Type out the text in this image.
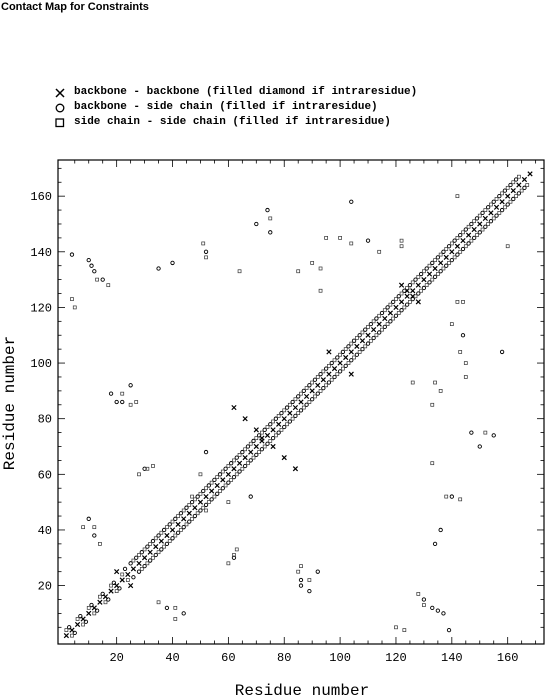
Contact Map for Constraints
backbone - backbone (filled diamond if intraresidue)
backbone - side chain (filled if intraresidue)
side chain - side chain (filled if intraresidue)
20	40	60	80	100	120	140	160
20
40
60
80
100
120
140
160
Residue number
Residue number
